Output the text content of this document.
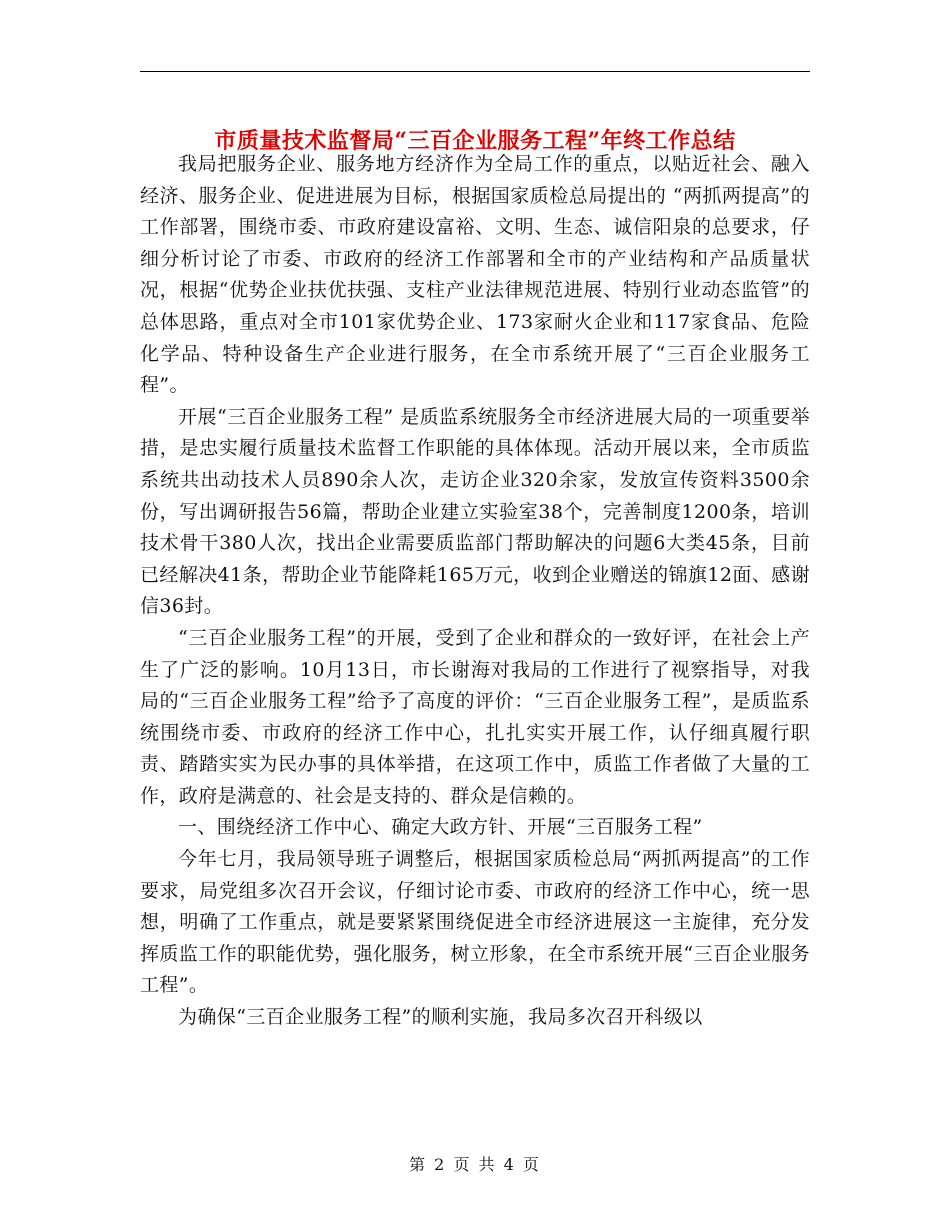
市质量技术监督局“三百企业服务工程”年终工作总结

我局把服务企业、服务地方经济作为全局工作的重点，以贴近社会、融入经济、服务企业、促进进展为目标，根据国家质检总局提出的 “两抓两提高”的工作部署，围绕市委、市政府建设富裕、文明、生态、诚信阳泉的总要求，仔细分析讨论了市委、市政府的经济工作部署和全市的产业结构和产品质量状况，根据“优势企业扶优扶强、支柱产业法律规范进展、特别行业动态监管”的总体思路，重点对全市101家优势企业、173家耐火企业和117家食品、危险化学品、特种设备生产企业进行服务，在全市系统开展了“三百企业服务工程”。

开展“三百企业服务工程” 是质监系统服务全市经济进展大局的一项重要举措，是忠实履行质量技术监督工作职能的具体体现。活动开展以来，全市质监系统共出动技术人员890余人次，走访企业320余家，发放宣传资料3500余份，写出调研报告56篇，帮助企业建立实验室38个，完善制度1200条，培训技术骨干380人次，找出企业需要质监部门帮助解决的问题6大类45条，目前已经解决41条，帮助企业节能降耗165万元，收到企业赠送的锦旗12面、感谢信36封。

“三百企业服务工程”的开展，受到了企业和群众的一致好评，在社会上产生了广泛的影响。10月13日，市长谢海对我局的工作进行了视察指导，对我局的“三百企业服务工程”给予了高度的评价：“三百企业服务工程”，是质监系统围绕市委、市政府的经济工作中心，扎扎实实开展工作，认仔细真履行职责、踏踏实实为民办事的具体举措，在这项工作中，质监工作者做了大量的工作，政府是满意的、社会是支持的、群众是信赖的。

一、围绕经济工作中心、确定大政方针、开展“三百服务工程”

今年七月，我局领导班子调整后，根据国家质检总局“两抓两提高”的工作要求，局党组多次召开会议，仔细讨论市委、市政府的经济工作中心，统一思想，明确了工作重点，就是要紧紧围绕促进全市经济进展这一主旋律，充分发挥质监工作的职能优势，强化服务，树立形象，在全市系统开展“三百企业服务工程”。

为确保“三百企业服务工程”的顺利实施，我局多次召开科级以

第 2 页 共 4 页
